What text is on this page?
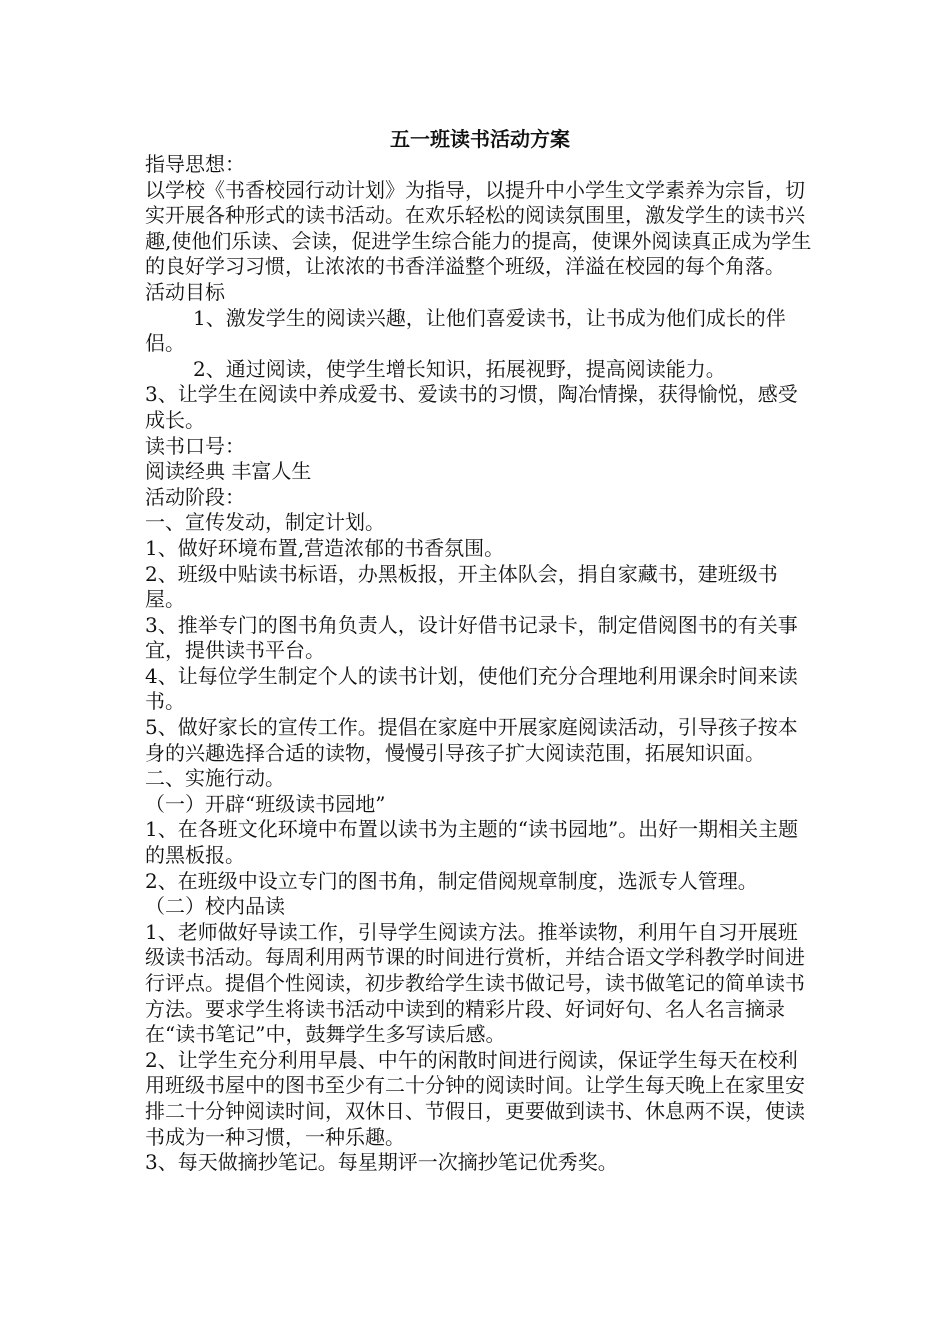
五一班读书活动方案

指导思想：

以学校《书香校园行动计划》为指导，以提升中小学生文学素养为宗旨，切实开展各种形式的读书活动。在欢乐轻松的阅读氛围里，激发学生的读书兴趣,使他们乐读、会读，促进学生综合能力的提高，使课外阅读真正成为学生的良好学习习惯，让浓浓的书香洋溢整个班级，洋溢在校园的每个角落。

活动目标

1、激发学生的阅读兴趣，让他们喜爱读书，让书成为他们成长的伴侣。

2、通过阅读，使学生增长知识，拓展视野，提高阅读能力。

3、让学生在阅读中养成爱书、爱读书的习惯，陶冶情操，获得愉悦，感受成长。

读书口号：

阅读经典 丰富人生

活动阶段：

一、宣传发动，制定计划。

1、做好环境布置,营造浓郁的书香氛围。

2、班级中贴读书标语，办黑板报，开主体队会，捐自家藏书，建班级书屋。

3、推举专门的图书角负责人，设计好借书记录卡，制定借阅图书的有关事宜，提供读书平台。

4、让每位学生制定个人的读书计划，使他们充分合理地利用课余时间来读书。

5、做好家长的宣传工作。提倡在家庭中开展家庭阅读活动，引导孩子按本身的兴趣选择合适的读物，慢慢引导孩子扩大阅读范围，拓展知识面。

二、实施行动。

（一）开辟“班级读书园地”

1、在各班文化环境中布置以读书为主题的“读书园地”。出好一期相关主题的黑板报。

2、在班级中设立专门的图书角，制定借阅规章制度，选派专人管理。

（二）校内品读

1、老师做好导读工作，引导学生阅读方法。推举读物，利用午自习开展班级读书活动。每周利用两节课的时间进行赏析，并结合语文学科教学时间进行评点。提倡个性阅读，初步教给学生读书做记号，读书做笔记的简单读书方法。要求学生将读书活动中读到的精彩片段、好词好句、名人名言摘录在“读书笔记”中，鼓舞学生多写读后感。

2、让学生充分利用早晨、中午的闲散时间进行阅读，保证学生每天在校利用班级书屋中的图书至少有二十分钟的阅读时间。让学生每天晚上在家里安排二十分钟阅读时间，双休日、节假日，更要做到读书、休息两不误，使读书成为一种习惯，一种乐趣。

3、每天做摘抄笔记。每星期评一次摘抄笔记优秀奖。
